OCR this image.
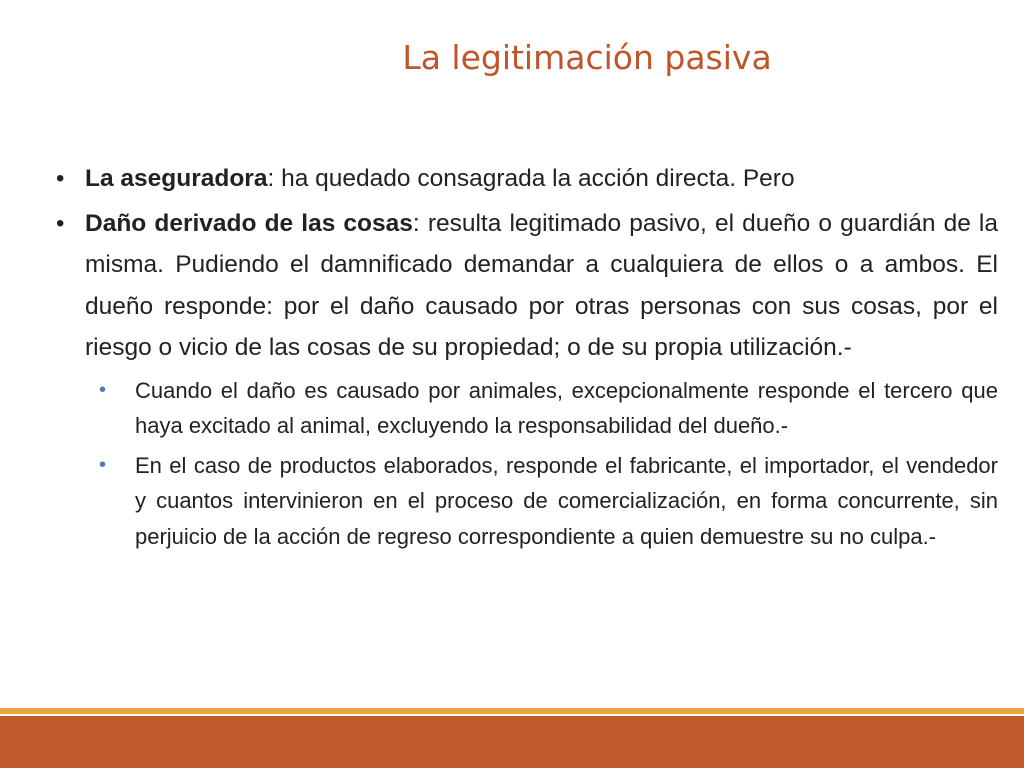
La legitimación pasiva
• La aseguradora: ha quedado consagrada la acción directa. Pero
• Daño derivado de las cosas: resulta legitimado pasivo, el dueño o guardián de la misma. Pudiendo el damnificado demandar a cualquiera de ellos o a ambos. El dueño responde: por el daño causado por otras personas con sus cosas, por el riesgo o vicio de las cosas de su propiedad; o de su propia utilización.-
• Cuando el daño es causado por animales, excepcionalmente responde el tercero que haya excitado al animal, excluyendo la responsabilidad del dueño.-
• En el caso de productos elaborados, responde el fabricante, el importador, el vendedor y cuantos intervinieron en el proceso de comercialización, en forma concurrente, sin perjuicio de la acción de regreso correspondiente a quien demuestre su no culpa.-
